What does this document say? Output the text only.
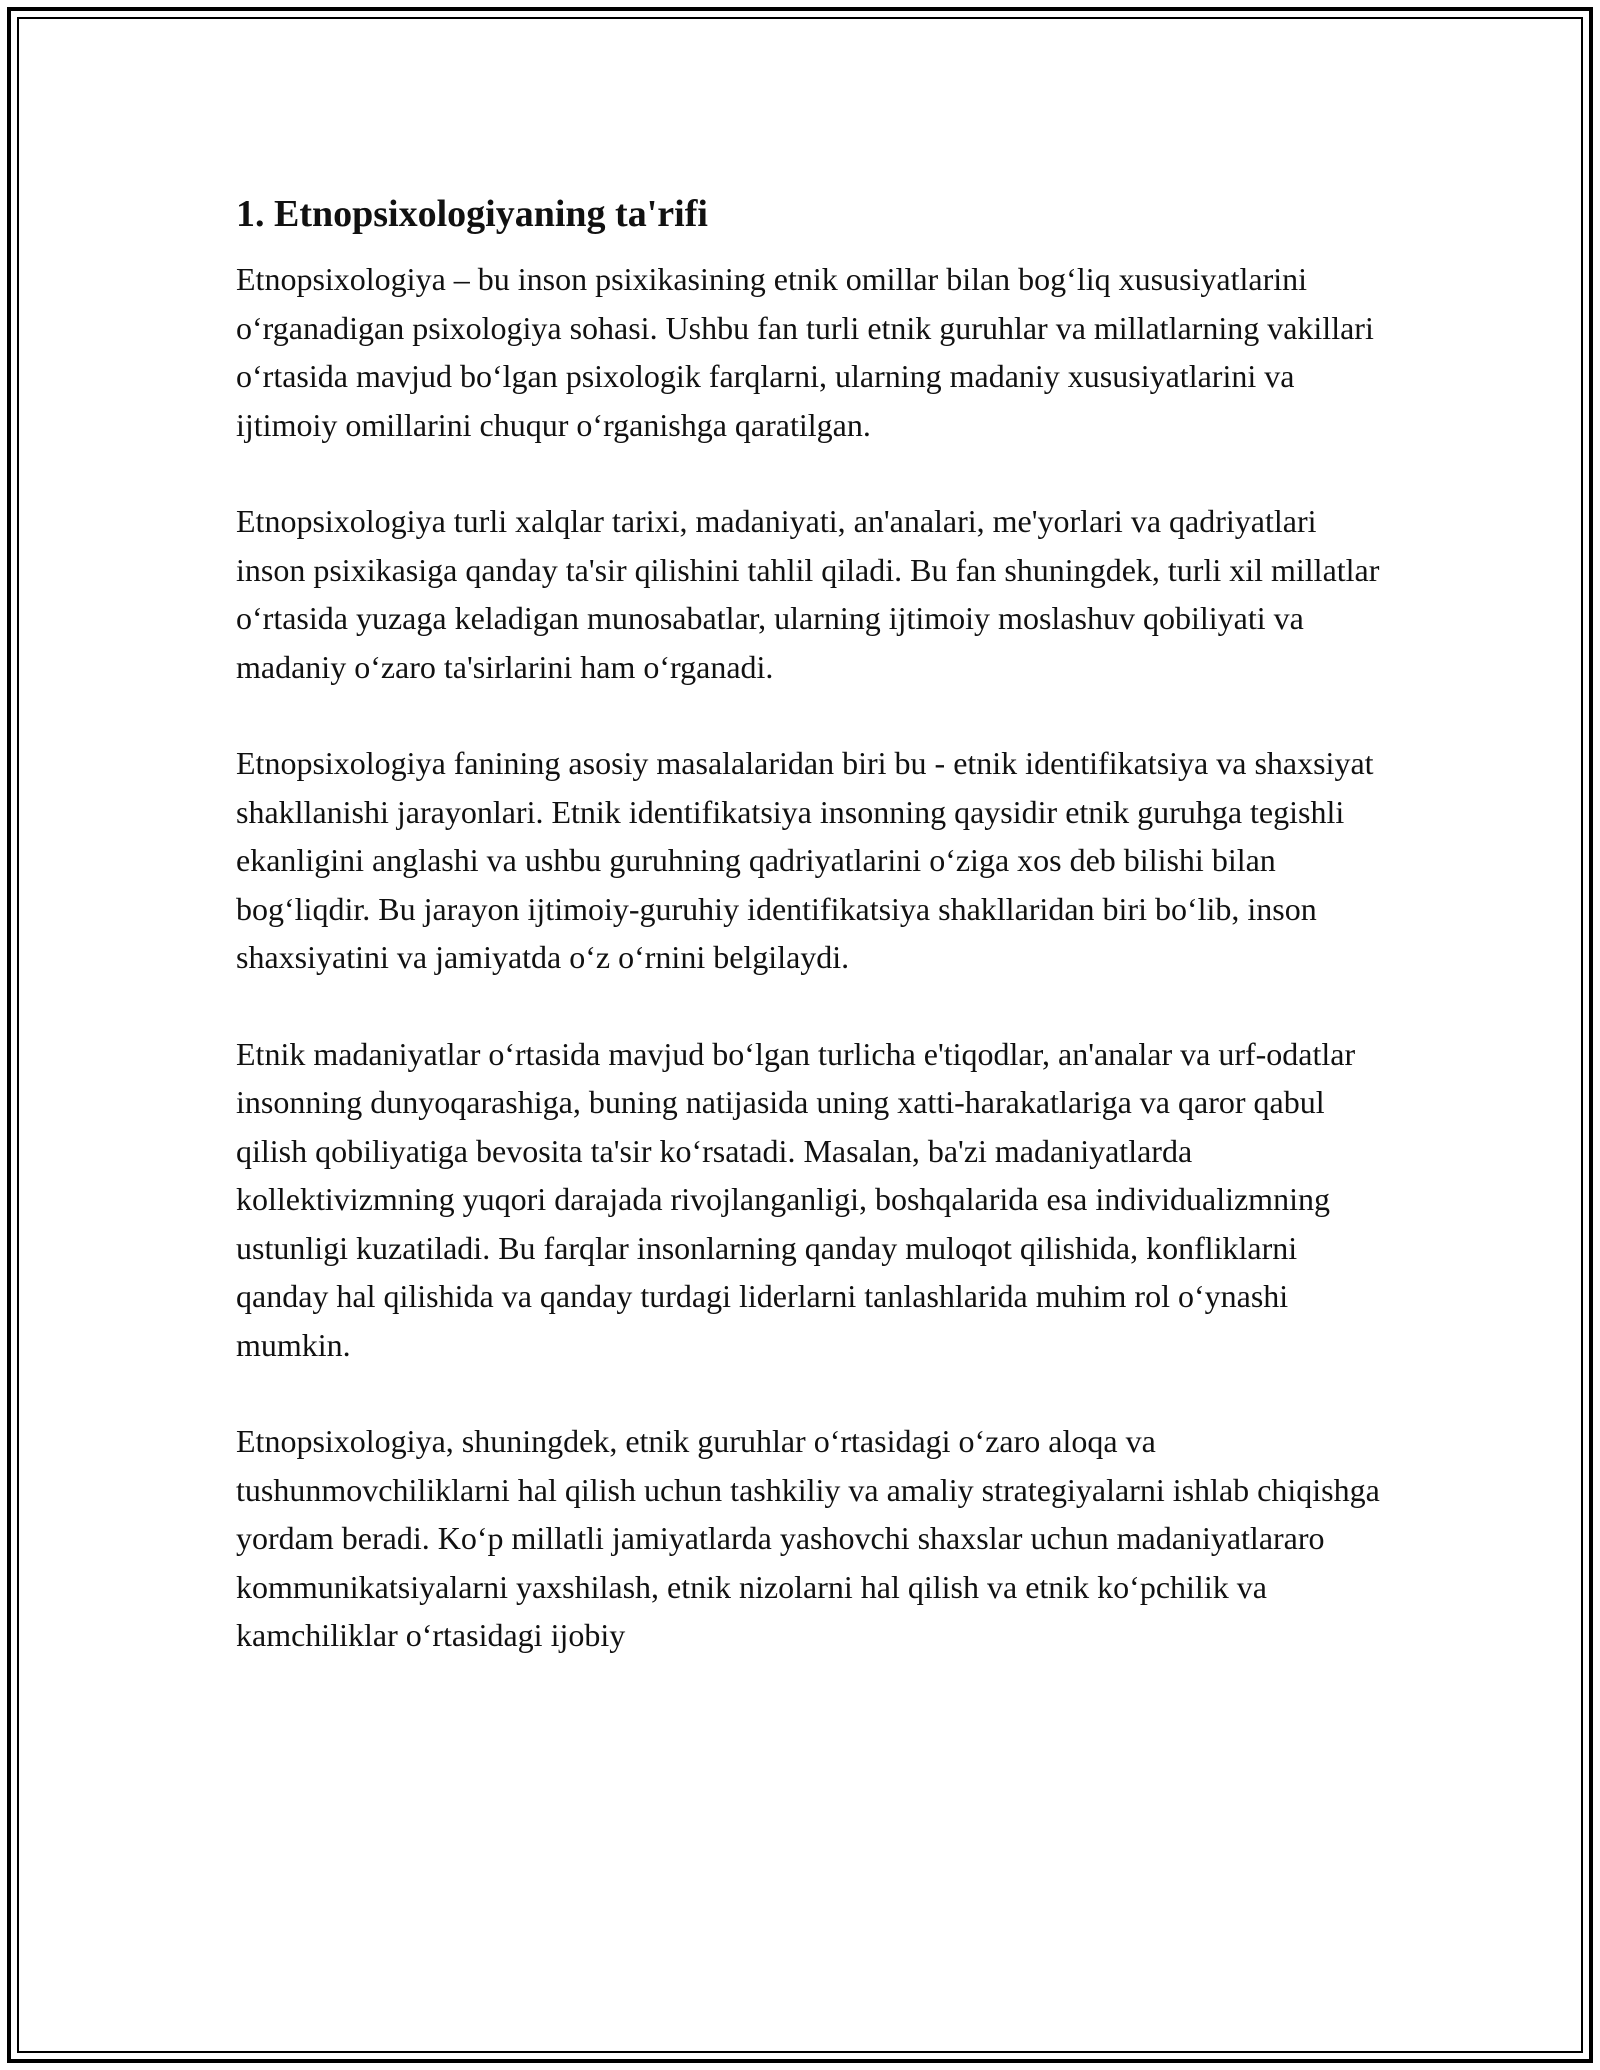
1. Etnopsixologiyaning ta'rifi

Etnopsixologiya – bu inson psixikasining etnik omillar bilan bog‘liq xususiyatlarini o‘rganadigan psixologiya sohasi. Ushbu fan turli etnik guruhlar va millatlarning vakillari o‘rtasida mavjud bo‘lgan psixologik farqlarni, ularning madaniy xususiyatlarini va ijtimoiy omillarini chuqur o‘rganishga qaratilgan.

Etnopsixologiya turli xalqlar tarixi, madaniyati, an'analari, me'yorlari va qadriyatlari inson psixikasiga qanday ta'sir qilishini tahlil qiladi. Bu fan shuningdek, turli xil millatlar o‘rtasida yuzaga keladigan munosabatlar, ularning ijtimoiy moslashuv qobiliyati va madaniy o‘zaro ta'sirlarini ham o‘rganadi.

Etnopsixologiya fanining asosiy masalalaridan biri bu - etnik identifikatsiya va shaxsiyat shakllanishi jarayonlari. Etnik identifikatsiya insonning qaysidir etnik guruhga tegishli ekanligini anglashi va ushbu guruhning qadriyatlarini o‘ziga xos deb bilishi bilan bog‘liqdir. Bu jarayon ijtimoiy-guruhiy identifikatsiya shakllaridan biri bo‘lib, inson shaxsiyatini va jamiyatda o‘z o‘rnini belgilaydi.

Etnik madaniyatlar o‘rtasida mavjud bo‘lgan turlicha e'tiqodlar, an'analar va urf-odatlar insonning dunyoqarashiga, buning natijasida uning xatti-harakatlariga va qaror qabul qilish qobiliyatiga bevosita ta'sir ko‘rsatadi. Masalan, ba'zi madaniyatlarda kollektivizmning yuqori darajada rivojlanganligi, boshqalarida esa individualizmning ustunligi kuzatiladi. Bu farqlar insonlarning qanday muloqot qilishida, konfliklarni qanday hal qilishida va qanday turdagi liderlarni tanlashlarida muhim rol o‘ynashi mumkin.

Etnopsixologiya, shuningdek, etnik guruhlar o‘rtasidagi o‘zaro aloqa va tushunmovchiliklarni hal qilish uchun tashkiliy va amaliy strategiyalarni ishlab chiqishga yordam beradi. Ko‘p millatli jamiyatlarda yashovchi shaxslar uchun madaniyatlararo kommunikatsiyalarni yaxshilash, etnik nizolarni hal qilish va etnik ko‘pchilik va kamchiliklar o‘rtasidagi ijobiy
